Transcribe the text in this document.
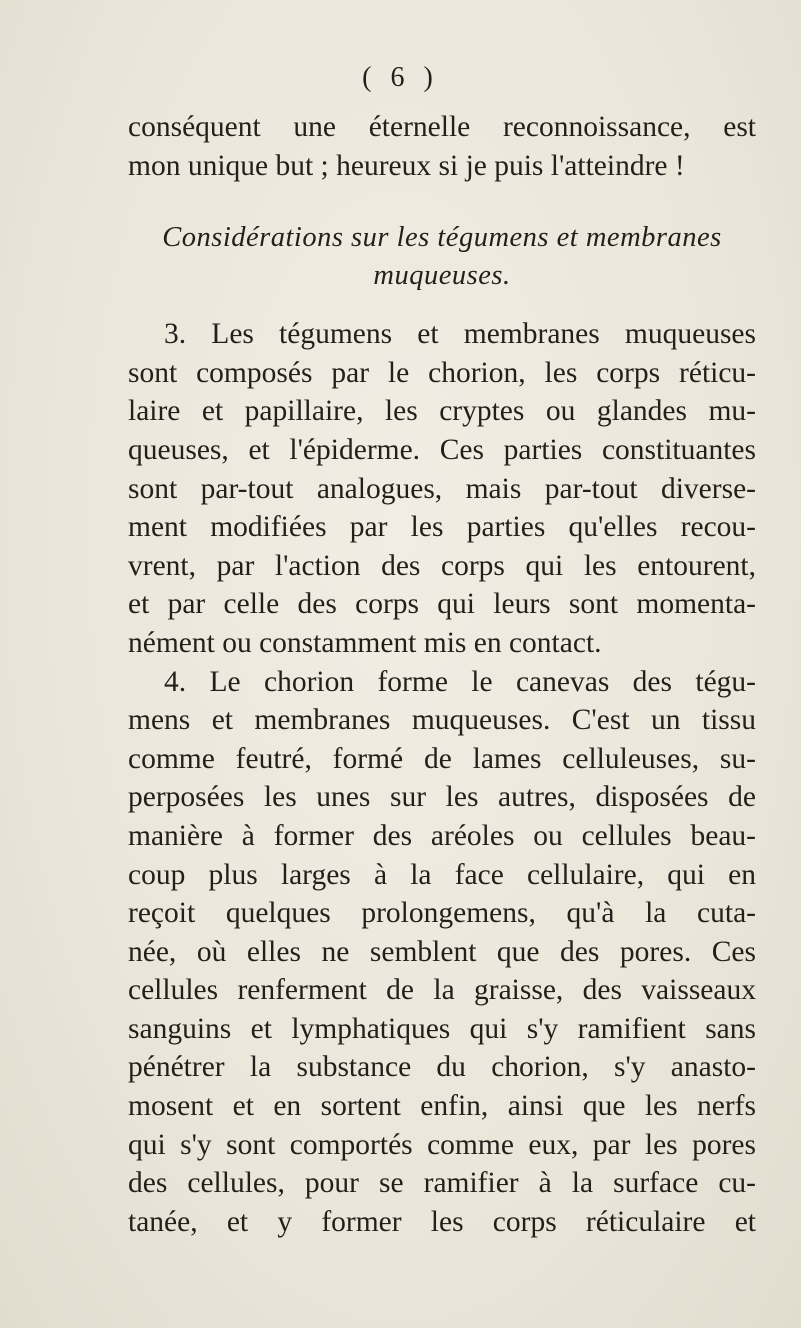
( 6 )
conséquent une éternelle reconnoissance, est
mon unique but ; heureux si je puis l'atteindre !
Considérations sur les tégumens et membranes
muqueuses.
3. Les tégumens et membranes muqueuses
sont composés par le chorion, les corps réticu-
laire et papillaire, les cryptes ou glandes mu-
queuses, et l'épiderme. Ces parties constituantes
sont par-tout analogues, mais par-tout diverse-
ment modifiées par les parties qu'elles recou-
vrent, par l'action des corps qui les entourent,
et par celle des corps qui leurs sont momenta-
nément ou constamment mis en contact.
4. Le chorion forme le canevas des tégu-
mens et membranes muqueuses. C'est un tissu
comme feutré, formé de lames celluleuses, su-
perposées les unes sur les autres, disposées de
manière à former des aréoles ou cellules beau-
coup plus larges à la face cellulaire, qui en
reçoit quelques prolongemens, qu'à la cuta-
née, où elles ne semblent que des pores. Ces
cellules renferment de la graisse, des vaisseaux
sanguins et lymphatiques qui s'y ramifient sans
pénétrer la substance du chorion, s'y anasto-
mosent et en sortent enfin, ainsi que les nerfs
qui s'y sont comportés comme eux, par les pores
des cellules, pour se ramifier à la surface cu-
tanée, et y former les corps réticulaire et
